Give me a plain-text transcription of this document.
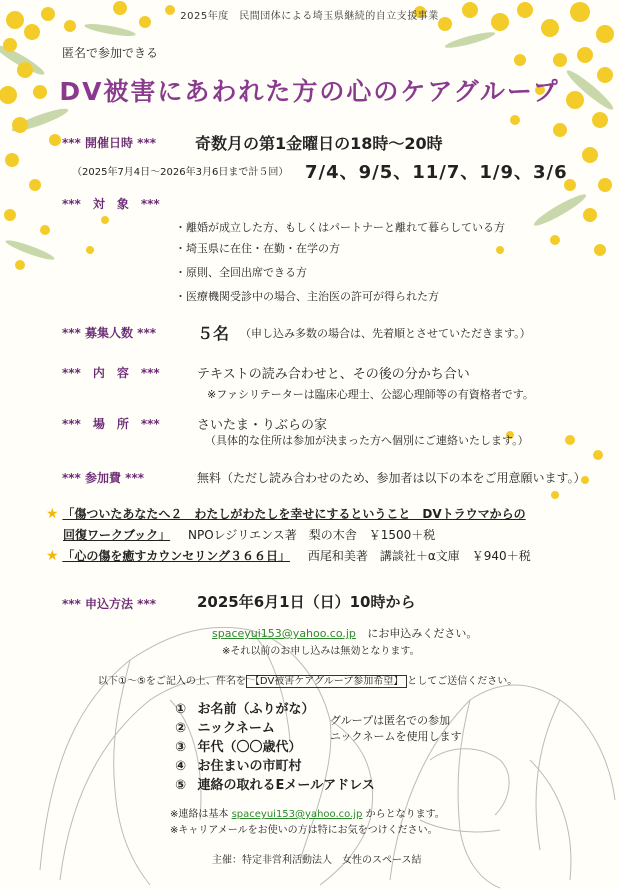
2025年度　民間団体による埼玉県継続的自立支援事業
匿名で参加できる
DV被害にあわれた方の心のケアグループ
*** 開催日時 *** 奇数月の第1金曜日の18時～20時
（2025年7月4日～2026年3月6日まで計５回） 7/4、9/5、11/7、1/9、3/6
***　対　象　***
・離婚が成立した方、もしくはパートナーと離れて暮らしている方
・埼玉県に在住・在勤・在学の方
・原則、全回出席できる方
・医療機関受診中の場合、主治医の許可が得られた方
*** 募集人数 ***	５名 （申し込み多数の場合は、先着順とさせていただきます。）
***　内　容　***	テキストの読み合わせと、その後の分かち合い
※ファシリテーターは臨床心理士、公認心理師等の有資格者です。
***　場　所　***	さいたま・りぶらの家
（具体的な住所は参加が決まった方へ個別にご連絡いたします。）
*** 参加費 ***	無料（ただし読み合わせのため、参加者は以下の本をご用意願います。）
★ 「傷ついたあなたへ２　わたしがわたしを幸せにするということ　DVトラウマからの
回復ワークブック」 NPOレジリエンス著　梨の木舎　￥1500＋税
★ 「心の傷を癒すカウンセリング３６６日」 西尾和美著　講談社＋α文庫　￥940＋税
*** 申込方法 ***	2025年6月1日（日）10時から
spaceyui153@yahoo.co.jp にお申込みください。
※それ以前のお申し込みは無効となります。
以下①～⑤をご記入の上、件名を 【DV被害ケアグループ参加希望】 としてご送信ください。
① お名前（ふりがな）
② ニックネーム
③ 年代（〇〇歳代）
④ お住まいの市町村
⑤ 連絡の取れるEメールアドレス
グループは匿名での参加
ニックネームを使用します
※連絡は基本 spaceyui153@yahoo.co.jp からとなります。
※キャリアメールをお使いの方は特にお気をつけください。
主催：特定非営利活動法人　女性のスペース結
